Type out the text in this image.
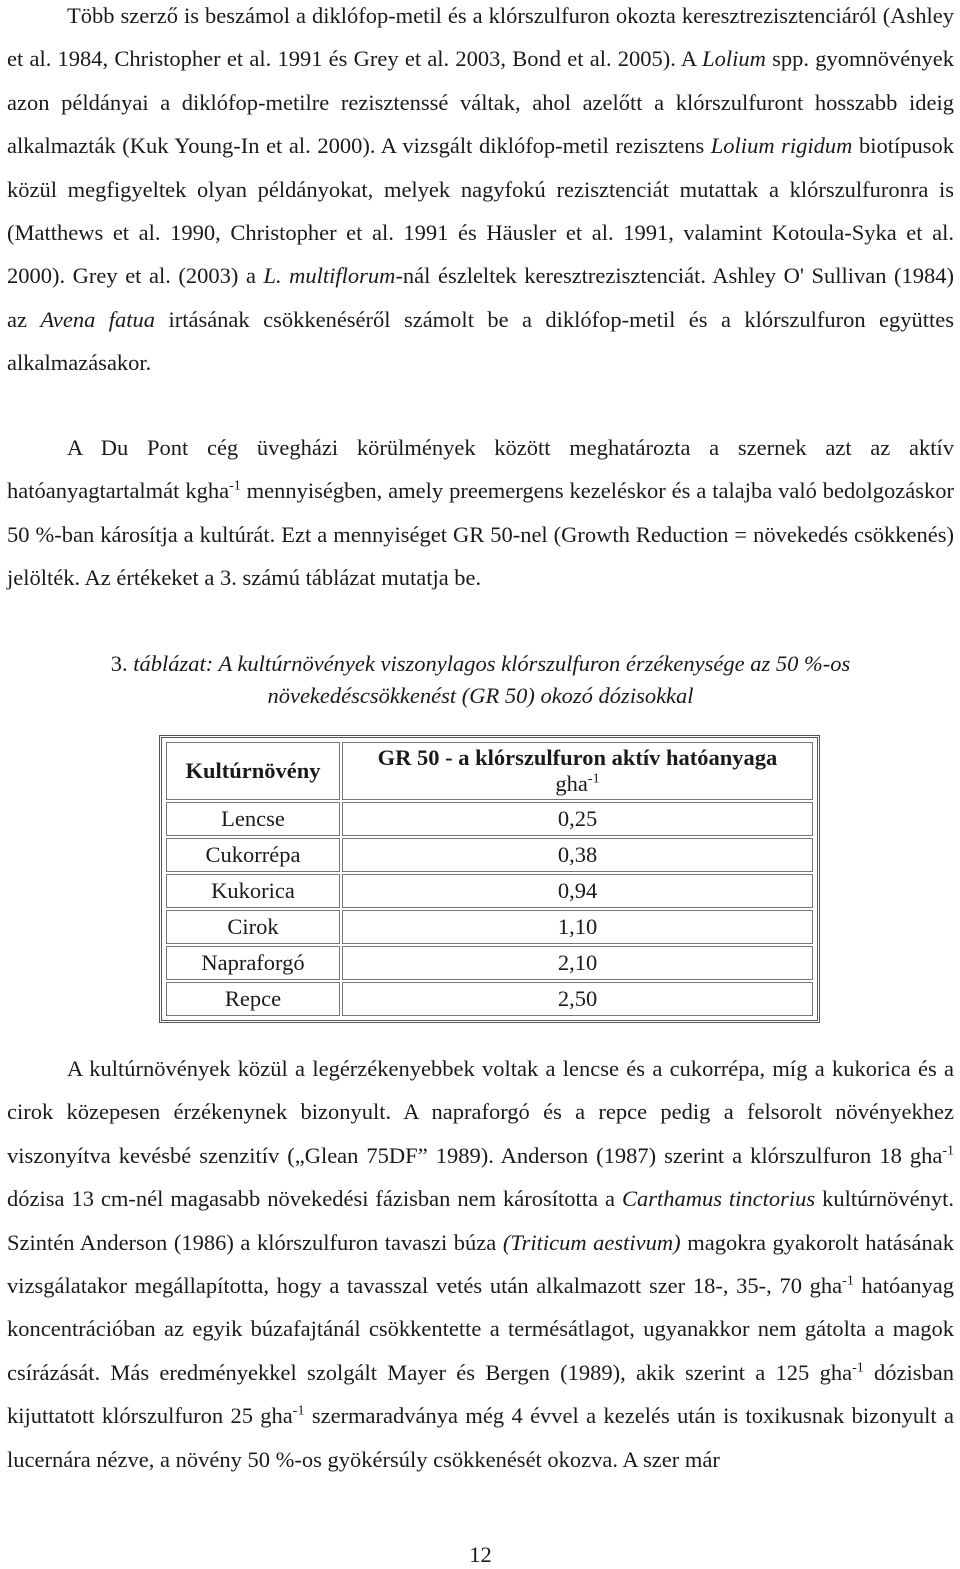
Több szerző is beszámol a diklófop-metil és a klórszulfuron okozta keresztrezisztenciáról (Ashley et al. 1984, Christopher et al. 1991 és Grey et al. 2003, Bond et al. 2005). A Lolium spp. gyomnövények azon példányai a diklófop-metilre rezisztenssé váltak, ahol azelőtt a klórszulfuront hosszabb ideig alkalmazták (Kuk Young-In et al. 2000). A vizsgált diklófop-metil rezisztens Lolium rigidum biotípusok közül megfigyeltek olyan példányokat, melyek nagyfokú rezisztenciát mutattak a klórszulfuronra is (Matthews et al. 1990, Christopher et al. 1991 és Häusler et al. 1991, valamint Kotoula-Syka et al. 2000). Grey et al. (2003) a L. multiflorum-nál észleltek keresztrezisztenciát. Ashley O' Sullivan (1984) az Avena fatua irtásának csökkenéséről számolt be a diklófop-metil és a klórszulfuron együttes alkalmazásakor.

A Du Pont cég üvegházi körülmények között meghatározta a szernek azt az aktív hatóanyagtartalmát kgha$^{-1}$ mennyiségben, amely preemergens kezeléskor és a talajba való bedolgozáskor 50 %-ban károsítja a kultúrát. Ezt a mennyiséget GR 50-nel (Growth Reduction = növekedés csökkenés) jelölték. Az értékeket a 3. számú táblázat mutatja be.

3. táblázat: A kultúrnövények viszonylagos klórszulfuron érzékenysége az 50 %-os
növekedéscsökkenést (GR 50) okozó dózisokkal
Kultúrnövény	GR 50 - a klórszulfuron aktív hatóanyaga
gha$^{-1}$

Lencse	0,25
Cukorrépa	0,38
Kukorica	0,94
Cirok	1,10
Napraforgó	2,10
Repce	2,50

A kultúrnövények közül a legérzékenyebbek voltak a lencse és a cukorrépa, míg a kukorica és a cirok közepesen érzékenynek bizonyult. A napraforgó és a repce pedig a felsorolt növényekhez viszonyítva kevésbé szenzitív („Glean 75DF” 1989). Anderson (1987) szerint a klórszulfuron 18 gha$^{-1}$ dózisa 13 cm-nél magasabb növekedési fázisban nem károsította a Carthamus tinctorius kultúrnövényt. Szintén Anderson (1986) a klórszulfuron tavaszi búza (Triticum aestivum) magokra gyakorolt hatásának vizsgálatakor megállapította, hogy a tavasszal vetés után alkalmazott szer 18-, 35-, 70 gha$^{-1}$ hatóanyag koncentrációban az egyik búzafajtánál csökkentette a termésátlagot, ugyanakkor nem gátolta a magok csírázását. Más eredményekkel szolgált Mayer és Bergen (1989), akik szerint a 125 gha$^{-1}$ dózisban kijuttatott klórszulfuron 25 gha$^{-1}$ szermaradványa még 4 évvel a kezelés után is toxikusnak bizonyult a lucernára nézve, a növény 50 %-os gyökérsúly csökkenését okozva. A szer már

12
